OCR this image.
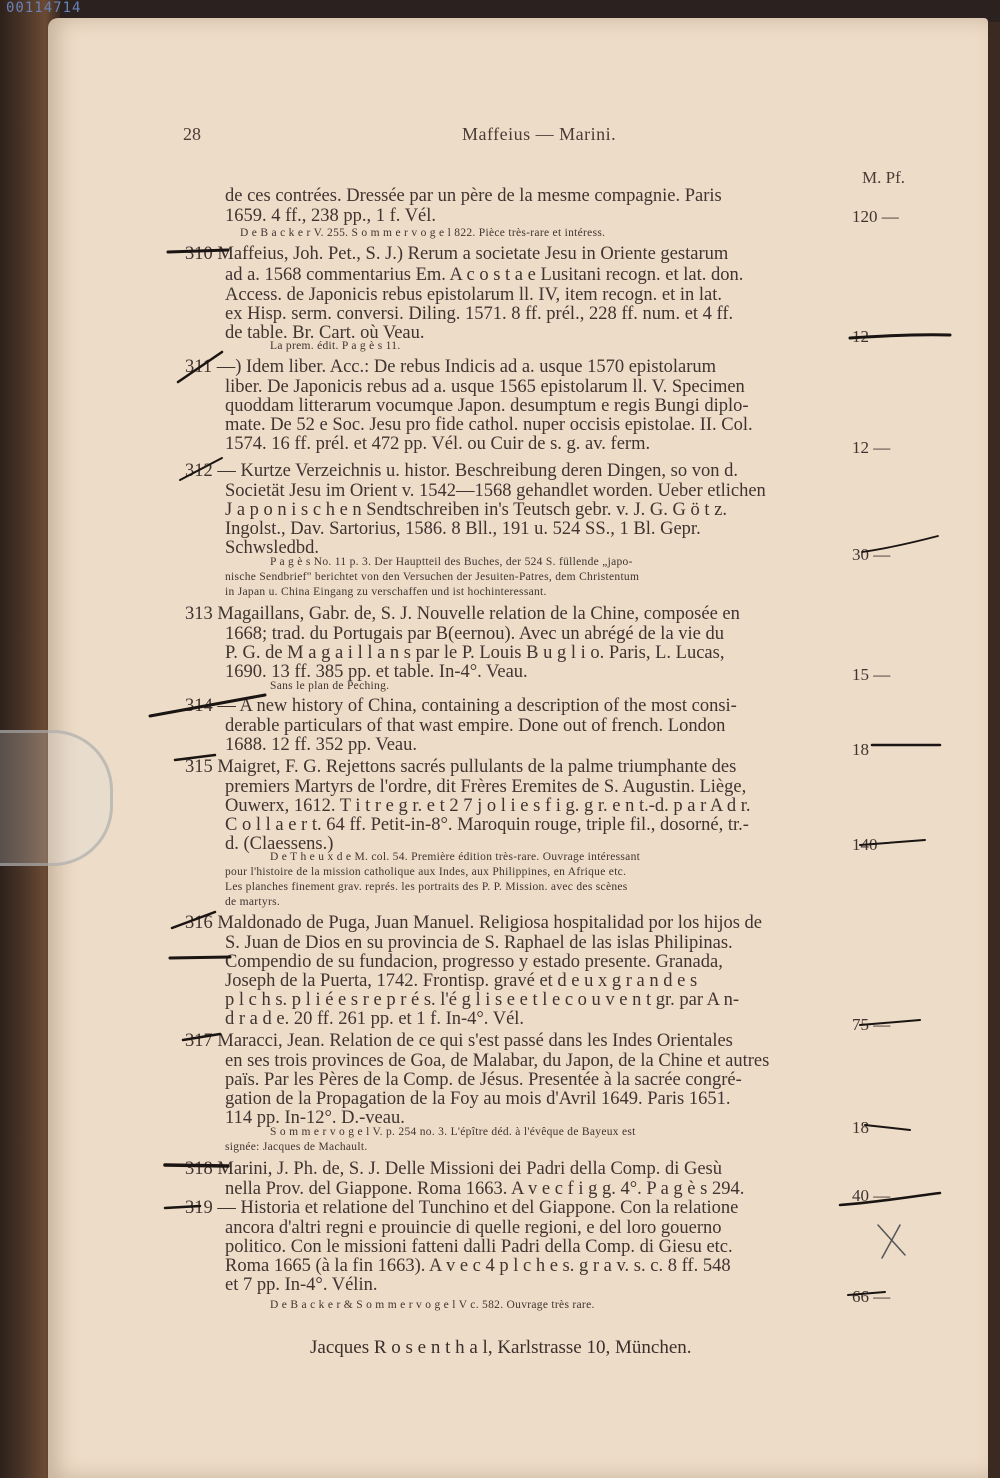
00114714
28	Maffeius — Marini.
M. Pf.
de ces contrées. Dressée par un père de la mesme compagnie. Paris
1659. 4 ff., 238 pp., 1 f. Vél.
D e B a c k e r V. 255. S o m m e r v o g e l 822. Pièce très-rare et intéress.
310 Maffeius, Joh. Pet., S. J.) Rerum a societate Jesu in Oriente gestarum
ad a. 1568 commentarius Em. A c o s t a e Lusitani recogn. et lat. don.
Access. de Japonicis rebus epistolarum ll. IV, item recogn. et in lat.
ex Hisp. serm. conversi. Diling. 1571. 8 ff. prél., 228 ff. num. et 4 ff.
de table. Br. Cart. où Veau.
La prem. édit. P a g è s 11.
311 —) Idem liber. Acc.: De rebus Indicis ad a. usque 1570 epistolarum
liber. De Japonicis rebus ad a. usque 1565 epistolarum ll. V. Specimen
quoddam litterarum vocumque Japon. desumptum e regis Bungi diplo-
mate. De 52 e Soc. Jesu pro fide cathol. nuper occisis epistolae. II. Col.
1574. 16 ff. prél. et 472 pp. Vél. ou Cuir de s. g. av. ferm.
312 — Kurtze Verzeichnis u. histor. Beschreibung deren Dingen, so von d.
Societät Jesu im Orient v. 1542—1568 gehandlet worden. Ueber etlichen
J a p o n i s c h e n Sendtschreiben in's Teutsch gebr. v. J. G. G ö t z.
Ingolst., Dav. Sartorius, 1586. 8 Bll., 191 u. 524 SS., 1 Bl. Gepr.
Schwsledbd.
P a g è s No. 11 p. 3. Der Hauptteil des Buches, der 524 S. füllende „japo-
nische Sendbrief" berichtet von den Versuchen der Jesuiten-Patres, dem Christentum
in Japan u. China Eingang zu verschaffen und ist hochinteressant.
313 Magaillans, Gabr. de, S. J. Nouvelle relation de la Chine, composée en
1668; trad. du Portugais par B(eernou). Avec un abrégé de la vie du
P. G. de M a g a i l l a n s par le P. Louis B u g l i o. Paris, L. Lucas,
1690. 13 ff. 385 pp. et table. In-4°. Veau.
Sans le plan de Peching.
314 — A new history of China, containing a description of the most consi-
derable particulars of that wast empire. Done out of french. London
1688. 12 ff. 352 pp. Veau.
315 Maigret, F. G. Rejettons sacrés pullulants de la palme triumphante des
premiers Martyrs de l'ordre, dit Frères Eremites de S. Augustin. Liège,
Ouwerx, 1612. T i t r e g r. e t 2 7 j o l i e s f i g. g r. e n t.-d. p a r A d r.
C o l l a e r t. 64 ff. Petit-in-8°. Maroquin rouge, triple fil., dosorné, tr.-
d. (Claessens.)
D e T h e u x d e M. col. 54. Première édition très-rare. Ouvrage intéressant
pour l'histoire de la mission catholique aux Indes, aux Philippines, en Afrique etc.
Les planches finement grav. représ. les portraits des P. P. Mission. avec des scènes
de martyrs.
316 Maldonado de Puga, Juan Manuel. Religiosa hospitalidad por los hijos de
S. Juan de Dios en su provincia de S. Raphael de las islas Philipinas.
Compendio de su fundacion, progresso y estado presente. Granada,
Joseph de la Puerta, 1742. Frontisp. gravé et d e u x g r a n d e s
p l c h s. p l i é e s r e p r é s. l'é g l i s e e t l e c o u v e n t gr. par A n-
d r a d e. 20 ff. 261 pp. et 1 f. In-4°. Vél.
317 Maracci, Jean. Relation de ce qui s'est passé dans les Indes Orientales
en ses trois provinces de Goa, de Malabar, du Japon, de la Chine et autres
païs. Par les Pères de la Comp. de Jésus. Presentée à la sacrée congré-
gation de la Propagation de la Foy au mois d'Avril 1649. Paris 1651.
114 pp. In-12°. D.-veau.
S o m m e r v o g e l V. p. 254 no. 3. L'épître déd. à l'évêque de Bayeux est
signée: Jacques de Machault.
318 Marini, J. Ph. de, S. J. Delle Missioni dei Padri della Comp. di Gesù
nella Prov. del Giappone. Roma 1663. A v e c f i g g. 4°. P a g è s 294.
319 — Historia et relatione del Tunchino et del Giappone. Con la relatione
ancora d'altri regni e prouincie di quelle regioni, e del loro gouerno
politico. Con le missioni fatteni dalli Padri della Comp. di Giesu etc.
Roma 1665 (à la fin 1663). A v e c 4 p l c h e s. g r a v. s. c. 8 ff. 548
et 7 pp. In-4°. Vélin.
D e B a c k e r & S o m m e r v o g e l V c. 582. Ouvrage très rare.
120 —
12
12 —
30 —
15 —
18
140
75 —
18
40 —
66 —
Jacques R o s e n t h a l, Karlstrasse 10, München.
